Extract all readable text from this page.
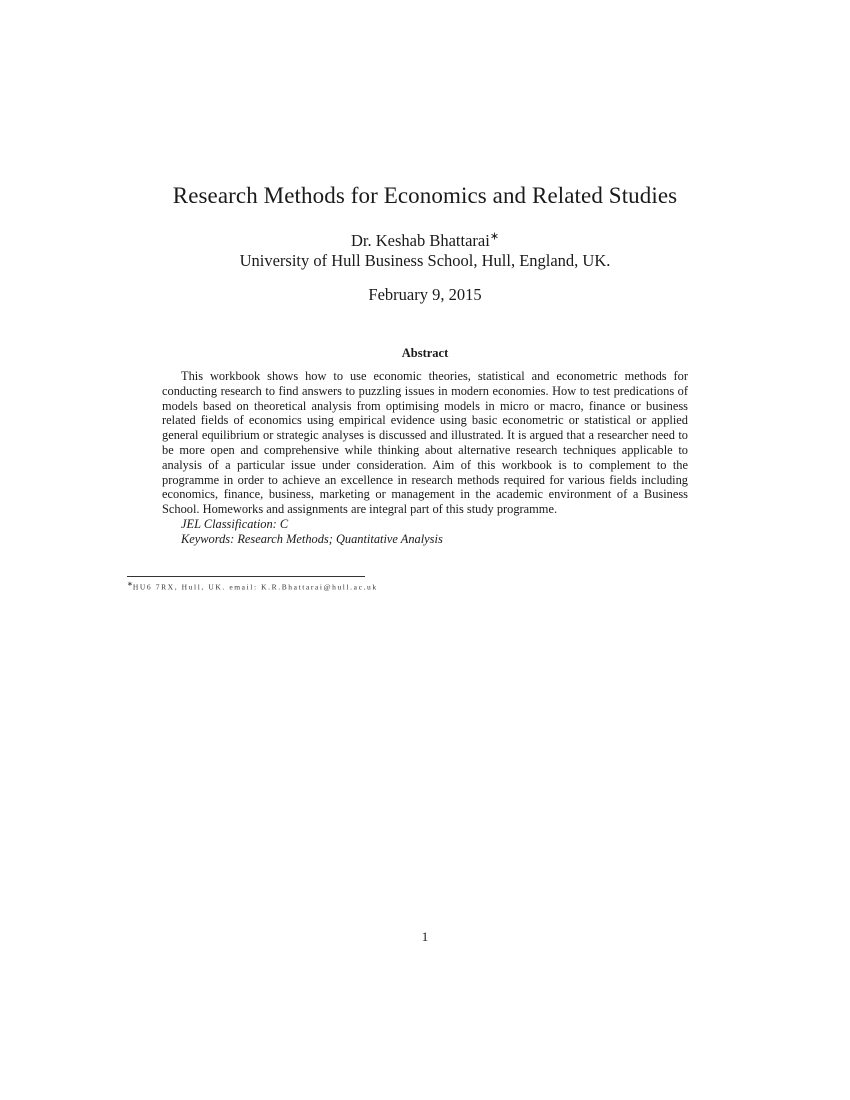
Research Methods for Economics and Related Studies
Dr. Keshab Bhattarai∗
University of Hull Business School, Hull, England, UK.
February 9, 2015
Abstract

This workbook shows how to use economic theories, statistical and econometric methods for conducting research to find answers to puzzling issues in modern economies. How to test predications of models based on theoretical analysis from optimising models in micro or macro, finance or business related fields of economics using empirical evidence using basic econometric or statistical or applied general equilibrium or strategic analyses is discussed and illustrated. It is argued that a researcher need to be more open and comprehensive while thinking about alternative research techniques applicable to analysis of a particular issue under consideration. Aim of this workbook is to complement to the programme in order to achieve an excellence in research methods required for various fields including economics, finance, business, marketing or management in the academic environment of a Business School. Homeworks and assignments are integral part of this study programme.

JEL Classification: C
Keywords: Research Methods; Quantitative Analysis
∗HU6 7RX, Hull, UK. email: K.R.Bhattarai@hull.ac.uk
1
